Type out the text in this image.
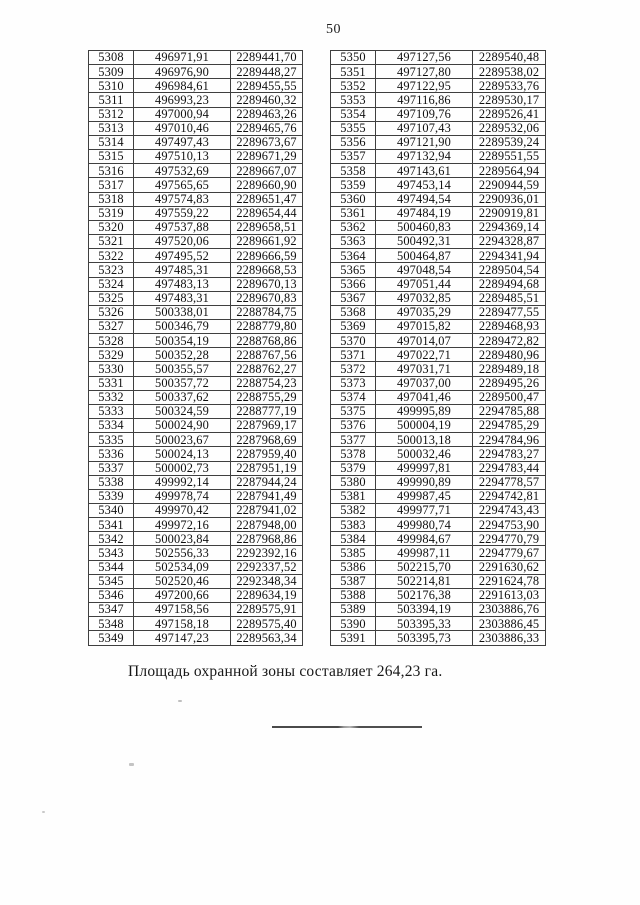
50
5308	496971,91	2289441,70
5309	496976,90	2289448,27
5310	496984,61	2289455,55
5311	496993,23	2289460,32
5312	497000,94	2289463,26
5313	497010,46	2289465,76
5314	497497,43	2289673,67
5315	497510,13	2289671,29
5316	497532,69	2289667,07
5317	497565,65	2289660,90
5318	497574,83	2289651,47
5319	497559,22	2289654,44
5320	497537,88	2289658,51
5321	497520,06	2289661,92
5322	497495,52	2289666,59
5323	497485,31	2289668,53
5324	497483,13	2289670,13
5325	497483,31	2289670,83
5326	500338,01	2288784,75
5327	500346,79	2288779,80
5328	500354,19	2288768,86
5329	500352,28	2288767,56
5330	500355,57	2288762,27
5331	500357,72	2288754,23
5332	500337,62	2288755,29
5333	500324,59	2288777,19
5334	500024,90	2287969,17
5335	500023,67	2287968,69
5336	500024,13	2287959,40
5337	500002,73	2287951,19
5338	499992,14	2287944,24
5339	499978,74	2287941,49
5340	499970,42	2287941,02
5341	499972,16	2287948,00
5342	500023,84	2287968,86
5343	502556,33	2292392,16
5344	502534,09	2292337,52
5345	502520,46	2292348,34
5346	497200,66	2289634,19
5347	497158,56	2289575,91
5348	497158,18	2289575,40
5349	497147,23	2289563,34
5350	497127,56	2289540,48
5351	497127,80	2289538,02
5352	497122,95	2289533,76
5353	497116,86	2289530,17
5354	497109,76	2289526,41
5355	497107,43	2289532,06
5356	497121,90	2289539,24
5357	497132,94	2289551,55
5358	497143,61	2289564,94
5359	497453,14	2290944,59
5360	497494,54	2290936,01
5361	497484,19	2290919,81
5362	500460,83	2294369,14
5363	500492,31	2294328,87
5364	500464,87	2294341,94
5365	497048,54	2289504,54
5366	497051,44	2289494,68
5367	497032,85	2289485,51
5368	497035,29	2289477,55
5369	497015,82	2289468,93
5370	497014,07	2289472,82
5371	497022,71	2289480,96
5372	497031,71	2289489,18
5373	497037,00	2289495,26
5374	497041,46	2289500,47
5375	499995,89	2294785,88
5376	500004,19	2294785,29
5377	500013,18	2294784,96
5378	500032,46	2294783,27
5379	499997,81	2294783,44
5380	499990,89	2294778,57
5381	499987,45	2294742,81
5382	499977,71	2294743,43
5383	499980,74	2294753,90
5384	499984,67	2294770,79
5385	499987,11	2294779,67
5386	502215,70	2291630,62
5387	502214,81	2291624,78
5388	502176,38	2291613,03
5389	503394,19	2303886,76
5390	503395,33	2303886,45
5391	503395,73	2303886,33
Площадь охранной зоны составляет 264,23 га.
